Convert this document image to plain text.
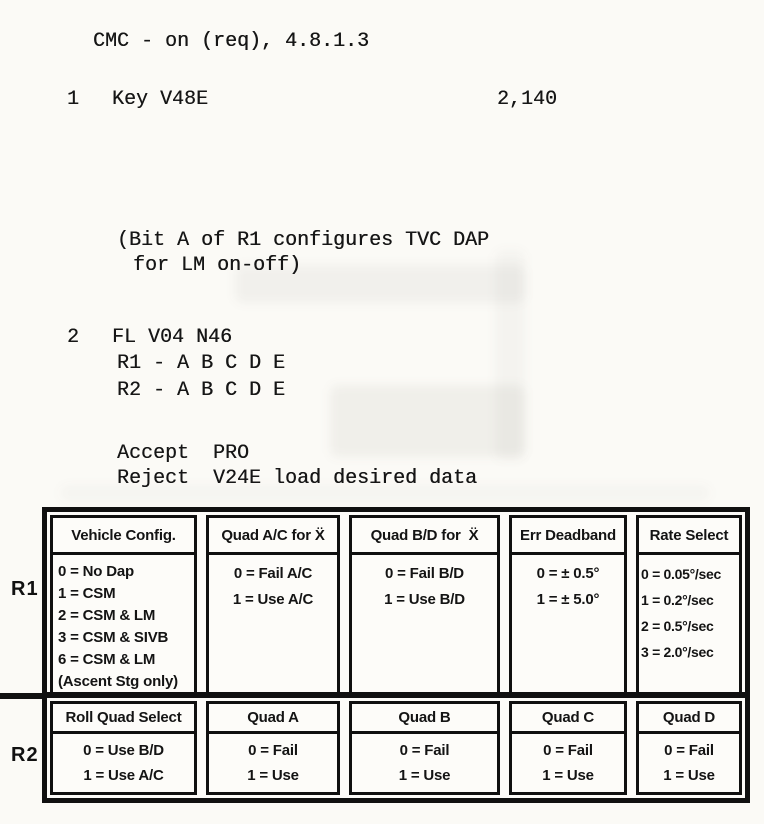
CMC - on (req), 4.8.1.3
1 Key V48E	2,140
(Bit A of R1 configures TVC DAP
for LM on-off)
2 FL V04 N46
R1 - A B C D E
R2 - A B C D E
Accept PRO
Reject V24E load desired data
R1
R2
Vehicle Config.
0 = No Dap
1 = CSM
2 = CSM & LM
3 = CSM & SIVB
6 = CSM & LM
(Ascent Stg only)
Quad A/C for Ẍ
0 = Fail A/C
1 = Use A/C
Quad B/D for  Ẍ
0 = Fail B/D
1 = Use B/D
Err Deadband
0 = ± 0.5°
1 = ± 5.0°
Rate Select
0 = 0.05°/sec
1 = 0.2°/sec
2 = 0.5°/sec
3 = 2.0°/sec
Roll Quad Select
0 = Use B/D
1 = Use A/C
Quad A
0 = Fail
1 = Use
Quad B
0 = Fail
1 = Use
Quad C
0 = Fail
1 = Use
Quad D
0 = Fail
1 = Use
